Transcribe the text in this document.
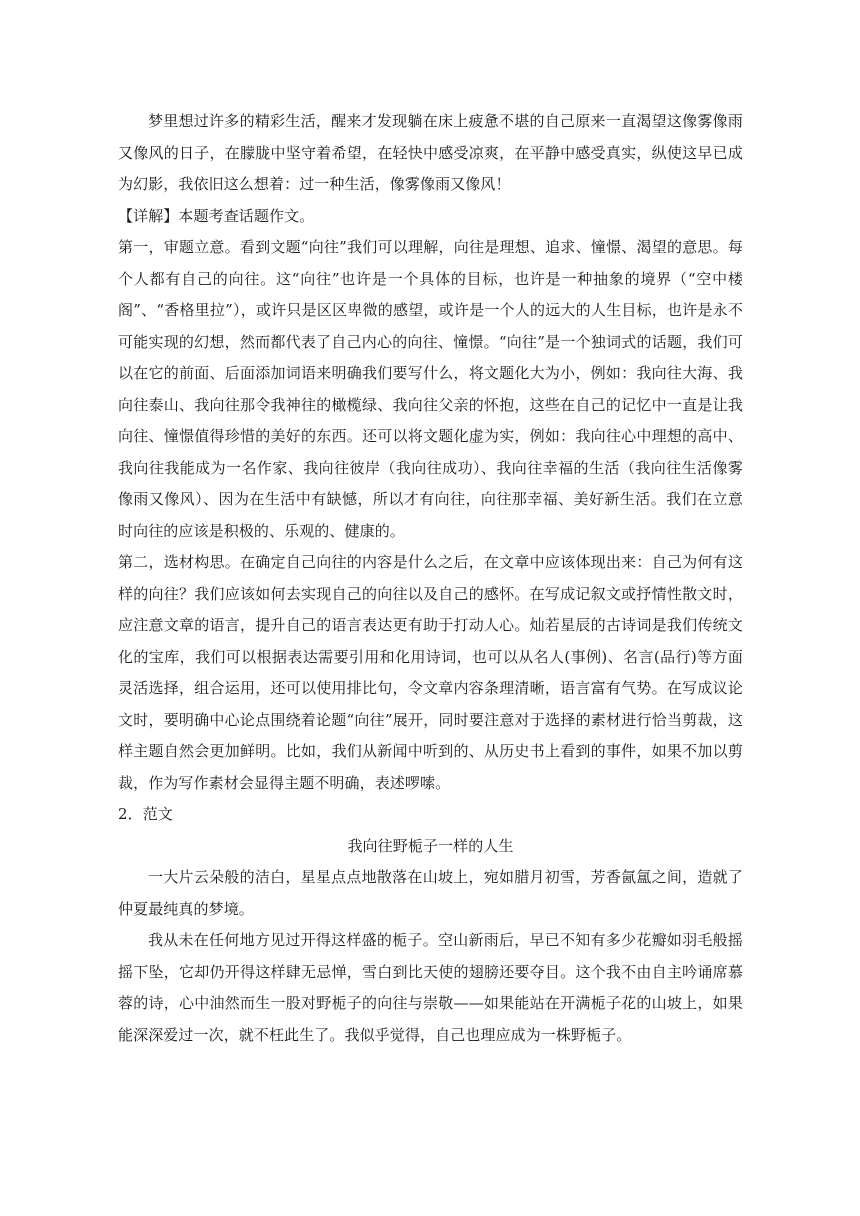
梦里想过许多的精彩生活，醒来才发现躺在床上疲惫不堪的自己原来一直渴望这像雾像雨又像风的日子，在朦胧中坚守着希望，在轻快中感受凉爽，在平静中感受真实，纵使这早已成为幻影，我依旧这么想着：过一种生活，像雾像雨又像风！

【详解】本题考查话题作文。

第一，审题立意。看到文题“向往”我们可以理解，向往是理想、追求、憧憬、渴望的意思。每个人都有自己的向往。这“向往”也许是一个具体的目标，也许是一种抽象的境界（“空中楼阁”、“香格里拉”），或许只是区区卑微的感望，或许是一个人的远大的人生目标，也许是永不可能实现的幻想，然而都代表了自己内心的向往、憧憬。“向往”是一个独词式的话题，我们可以在它的前面、后面添加词语来明确我们要写什么，将文题化大为小，例如：我向往大海、我向往泰山、我向往那令我神往的橄榄绿、我向往父亲的怀抱，这些在自己的记忆中一直是让我向往、憧憬值得珍惜的美好的东西。还可以将文题化虚为实，例如：我向往心中理想的高中、我向往我能成为一名作家、我向往彼岸（我向往成功）、我向往幸福的生活（我向往生活像雾像雨又像风）、因为在生活中有缺憾，所以才有向往，向往那幸福、美好新生活。我们在立意时向往的应该是积极的、乐观的、健康的。

第二，选材构思。在确定自己向往的内容是什么之后，在文章中应该体现出来：自己为何有这样的向往？我们应该如何去实现自己的向往以及自己的感怀。在写成记叙文或抒情性散文时，应注意文章的语言，提升自己的语言表达更有助于打动人心。灿若星辰的古诗词是我们传统文化的宝库，我们可以根据表达需要引用和化用诗词，也可以从名人(事例)、名言(品行)等方面灵活选择，组合运用，还可以使用排比句，令文章内容条理清晰，语言富有气势。在写成议论文时，要明确中心论点围绕着论题“向往”展开，同时要注意对于选择的素材进行恰当剪裁，这样主题自然会更加鲜明。比如，我们从新闻中听到的、从历史书上看到的事件，如果不加以剪裁，作为写作素材会显得主题不明确，表述啰嗦。

2．范文

我向往野栀子一样的人生

一大片云朵般的洁白，星星点点地散落在山坡上，宛如腊月初雪，芳香氤氲之间，造就了仲夏最纯真的梦境。

我从未在任何地方见过开得这样盛的栀子。空山新雨后，早已不知有多少花瓣如羽毛般摇摇下坠，它却仍开得这样肆无忌惮，雪白到比天使的翅膀还要夺目。这个我不由自主吟诵席慕蓉的诗，心中油然而生一股对野栀子的向往与崇敬——如果能站在开满栀子花的山坡上，如果能深深爱过一次，就不枉此生了。我似乎觉得，自己也理应成为一株野栀子。
